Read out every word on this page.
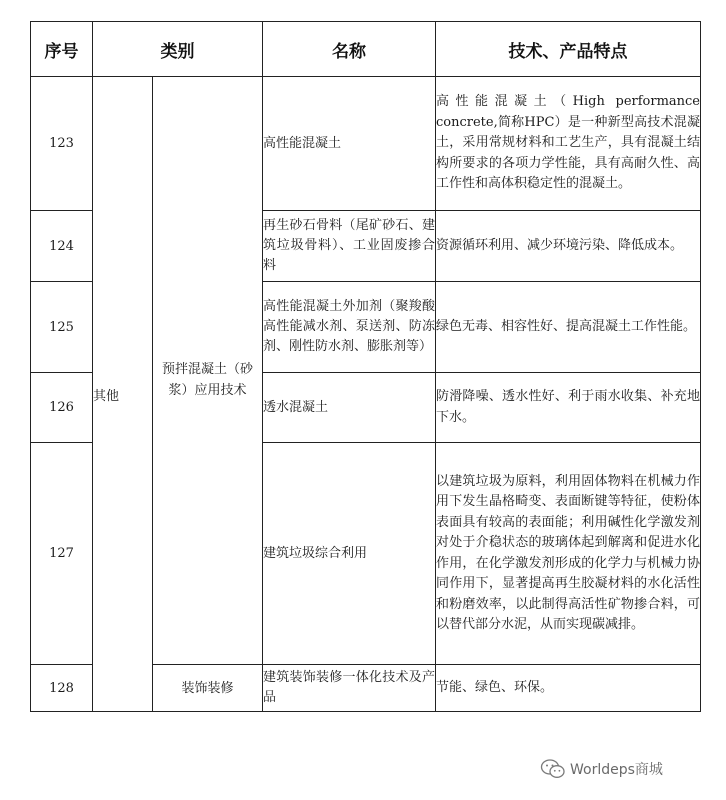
序号	类别		名称	技术、产品特点
123	其他	预拌混凝土（砂浆）应用技术	高性能混凝土	高性能混凝土（High performance concrete,简称HPC）是一种新型高技术混凝土，采用常规材料和工艺生产，具有混凝土结构所要求的各项力学性能，具有高耐久性、高工作性和高体积稳定性的混凝土。
124			再生砂石骨料（尾矿砂石、建筑垃圾骨料）、工业固废掺合料	资源循环利用、减少环境污染、降低成本。
125			高性能混凝土外加剂（聚羧酸高性能减水剂、泵送剂、防冻剂、刚性防水剂、膨胀剂等）	绿色无毒、相容性好、提高混凝土工作性能。
126			透水混凝土	防滑降噪、透水性好、利于雨水收集、补充地下水。
127			建筑垃圾综合利用	以建筑垃圾为原料，利用固体物料在机械力作用下发生晶格畸变、表面断键等特征，使粉体表面具有较高的表面能；利用碱性化学激发剂对处于介稳状态的玻璃体起到解离和促进水化作用，在化学激发剂形成的化学力与机械力协同作用下，显著提高再生胶凝材料的水化活性和粉磨效率，以此制得高活性矿物掺合料，可以替代部分水泥，从而实现碳减排。
128		装饰装修	建筑装饰装修一体化技术及产品	节能、绿色、环保。
Worldeps商城
